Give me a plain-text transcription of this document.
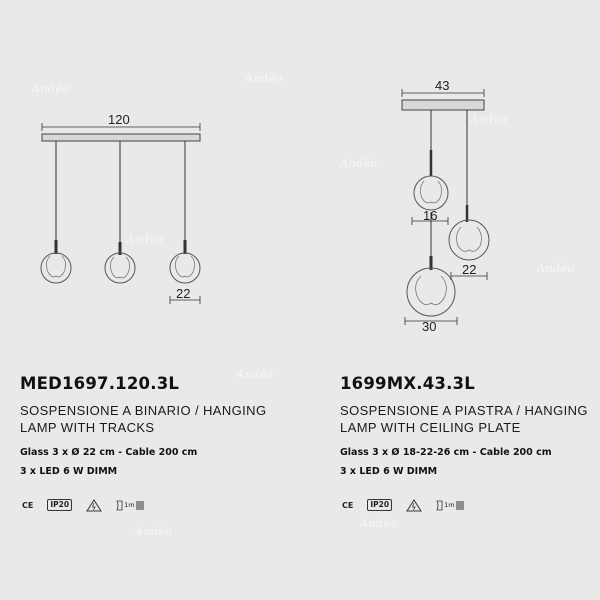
Andéo
Andéo
Andéo
Andéo
Andéo
Andéo
Andéo
Andéo
Andéo
120
22
43
16
22
30
MED1697.120.3L
SOSPENSIONE A BINARIO / HANGING
LAMP WITH TRACKS
Glass 3 x Ø 22 cm - Cable 200 cm
3 x LED 6 W DIMM
CE	IP20	1m
1699MX.43.3L
SOSPENSIONE A PIASTRA / HANGING
LAMP WITH CEILING PLATE
Glass 3 x Ø 18-22-26 cm - Cable 200 cm
3 x LED 6 W DIMM
CE	IP20	1m
